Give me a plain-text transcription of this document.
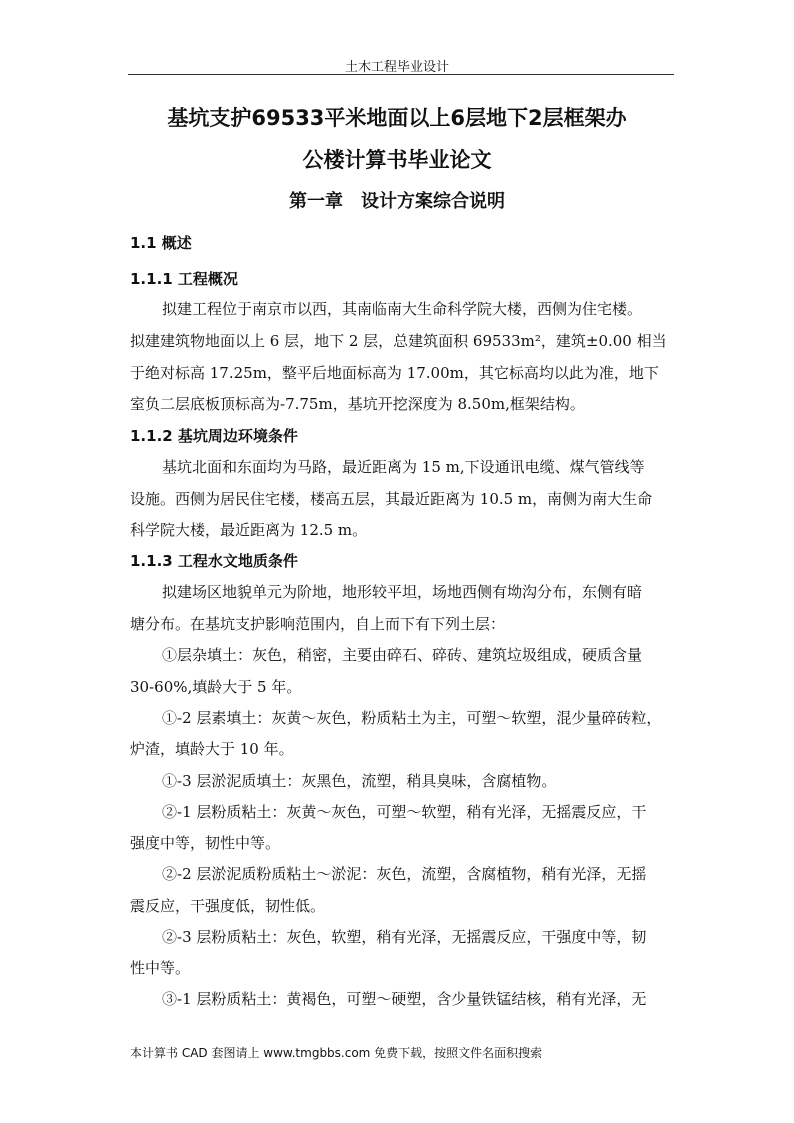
土木工程毕业设计
基坑支护69533平米地面以上6层地下2层框架办
公楼计算书毕业论文
第一章　设计方案综合说明
1.1 概述
1.1.1 工程概况
拟建工程位于南京市以西，其南临南大生命科学院大楼，西侧为住宅楼。
拟建建筑物地面以上 6 层，地下 2 层，总建筑面积 69533m²，建筑±0.00 相当
于绝对标高 17.25m，整平后地面标高为 17.00m，其它标高均以此为准，地下
室负二层底板顶标高为-7.75m，基坑开挖深度为 8.50m,框架结构。
1.1.2 基坑周边环境条件
基坑北面和东面均为马路，最近距离为 15 m,下设通讯电缆、煤气管线等
设施。西侧为居民住宅楼，楼高五层，其最近距离为 10.5 m，南侧为南大生命
科学院大楼，最近距离为 12.5 m。
1.1.3 工程水文地质条件
拟建场区地貌单元为阶地，地形较平坦，场地西侧有坳沟分布，东侧有暗
塘分布。在基坑支护影响范围内，自上而下有下列土层：
①层杂填土：灰色，稍密，主要由碎石、碎砖、建筑垃圾组成，硬质含量
30-60%,填龄大于 5 年。
①-2 层素填土：灰黄～灰色，粉质粘土为主，可塑～软塑，混少量碎砖粒，
炉渣，填龄大于 10 年。
①-3 层淤泥质填土：灰黑色，流塑，稍具臭味，含腐植物。
②-1 层粉质粘土：灰黄～灰色，可塑～软塑，稍有光泽，无摇震反应，干
强度中等，韧性中等。
②-2 层淤泥质粉质粘土～淤泥：灰色，流塑，含腐植物，稍有光泽，无摇
震反应，干强度低，韧性低。
②-3 层粉质粘土：灰色，软塑，稍有光泽，无摇震反应，干强度中等，韧
性中等。
③-1 层粉质粘土：黄褐色，可塑～硬塑，含少量铁锰结核，稍有光泽，无
本计算书 CAD 套图请上 www.tmgbbs.com 免费下载，按照文件名面积搜索
